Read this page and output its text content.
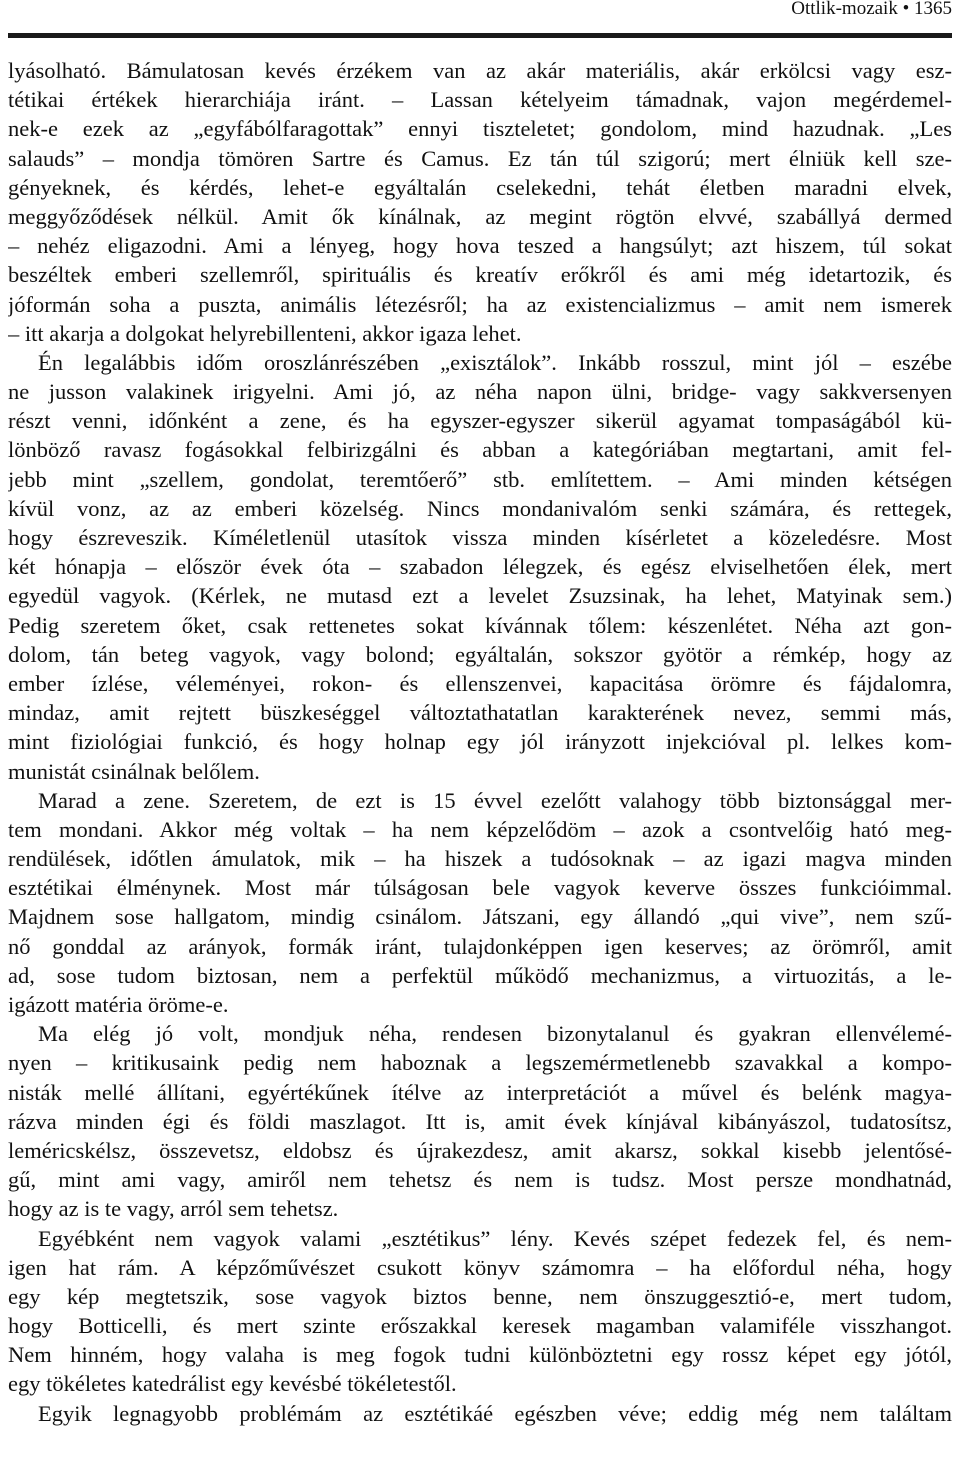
Ottlik-mozaik • 1365
lyásolható. Bámulatosan kevés érzékem van az akár materiális, akár erkölcsi vagy esz-
tétikai értékek hierarchiája iránt. – Lassan kételyeim támadnak, vajon megérdemel-
nek-e ezek az „egyfábólfaragottak” ennyi tiszteletet; gondolom, mind hazudnak. „Les
salauds” – mondja tömören Sartre és Camus. Ez tán túl szigorú; mert élniük kell sze-
gényeknek, és kérdés, lehet-e egyáltalán cselekedni, tehát életben maradni elvek,
meggyőződések nélkül. Amit ők kínálnak, az megint rögtön elvvé, szabállyá dermed
– nehéz eligazodni. Ami a lényeg, hogy hova teszed a hangsúlyt; azt hiszem, túl sokat
beszéltek emberi szellemről, spirituális és kreatív erőkről és ami még idetartozik, és
jóformán soha a puszta, animális létezésről; ha az existencializmus – amit nem ismerek
– itt akarja a dolgokat helyrebillenteni, akkor igaza lehet.
Én legalábbis időm oroszlánrészében „exisztálok”. Inkább rosszul, mint jól – eszébe
ne jusson valakinek irigyelni. Ami jó, az néha napon ülni, bridge- vagy sakkversenyen
részt venni, időnként a zene, és ha egyszer-egyszer sikerül agyamat tompaságából kü-
lönböző ravasz fogásokkal felbirizgálni és abban a kategóriában megtartani, amit fel-
jebb mint „szellem, gondolat, teremtőerő” stb. említettem. – Ami minden kétségen
kívül vonz, az az emberi közelség. Nincs mondanivalóm senki számára, és rettegek,
hogy észreveszik. Kíméletlenül utasítok vissza minden kísérletet a közeledésre. Most
két hónapja – először évek óta – szabadon lélegzek, és egész elviselhetően élek, mert
egyedül vagyok. (Kérlek, ne mutasd ezt a levelet Zsuzsinak, ha lehet, Matyinak sem.)
Pedig szeretem őket, csak rettenetes sokat kívánnak tőlem: készenlétet. Néha azt gon-
dolom, tán beteg vagyok, vagy bolond; egyáltalán, sokszor gyötör a rémkép, hogy az
ember ízlése, véleményei, rokon- és ellenszenvei, kapacitása örömre és fájdalomra,
mindaz, amit rejtett büszkeséggel változtathatatlan karakterének nevez, semmi más,
mint fiziológiai funkció, és hogy holnap egy jól irányzott injekcióval pl. lelkes kom-
munistát csinálnak belőlem.
Marad a zene. Szeretem, de ezt is 15 évvel ezelőtt valahogy több biztonsággal mer-
tem mondani. Akkor még voltak – ha nem képzelődöm – azok a csontvelőig ható meg-
rendülések, időtlen ámulatok, mik – ha hiszek a tudósoknak – az igazi magva minden
esztétikai élménynek. Most már túlságosan bele vagyok keverve összes funkcióimmal.
Majdnem sose hallgatom, mindig csinálom. Játszani, egy állandó „qui vive”, nem szű-
nő gonddal az arányok, formák iránt, tulajdonképpen igen keserves; az örömről, amit
ad, sose tudom biztosan, nem a perfektül működő mechanizmus, a virtuozitás, a le-
igázott matéria öröme-e.
Ma elég jó volt, mondjuk néha, rendesen bizonytalanul és gyakran ellenvélemé-
nyen – kritikusaink pedig nem haboznak a legszemérmetlenebb szavakkal a kompo-
nisták mellé állítani, egyértékűnek ítélve az interpretációt a művel és belénk magya-
rázva minden égi és földi maszlagot. Itt is, amit évek kínjával kibányászol, tudatosítsz,
leméricskélsz, összevetsz, eldobsz és újrakezdesz, amit akarsz, sokkal kisebb jelentősé-
gű, mint ami vagy, amiről nem tehetsz és nem is tudsz. Most persze mondhatnád,
hogy az is te vagy, arról sem tehetsz.
Egyébként nem vagyok valami „esztétikus” lény. Kevés szépet fedezek fel, és nem-
igen hat rám. A képzőművészet csukott könyv számomra – ha előfordul néha, hogy
egy kép megtetszik, sose vagyok biztos benne, nem önszuggesztió-e, mert tudom,
hogy Botticelli, és mert szinte erőszakkal keresek magamban valamiféle visszhangot.
Nem hinném, hogy valaha is meg fogok tudni különböztetni egy rossz képet egy jótól,
egy tökéletes katedrálist egy kevésbé tökéletestől.
Egyik legnagyobb problémám az esztétikáé egészben véve; eddig még nem találtam
